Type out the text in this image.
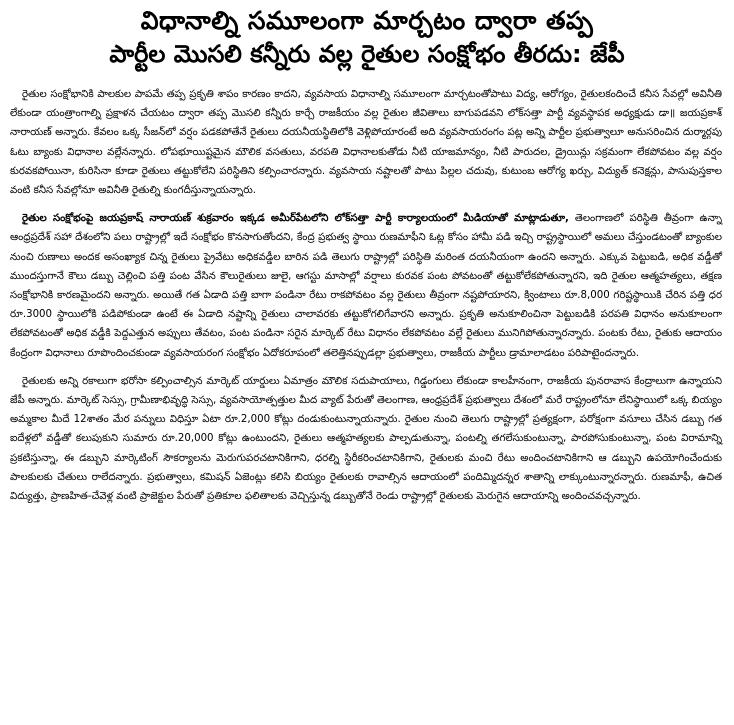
విధానాల్ని సమూలంగా మార్చటం ద్వారా తప్ప
పార్టీల మొసలి కన్నీరు వల్ల రైతుల సంక్షోభం తీరదు: జేపీ

రైతుల సంక్షోభానికి పాలకుల పాపమే తప్ప ప్రకృతి శాపం కారణం కాదని, వ్యవసాయ విధానాల్ని సమూలంగా మార్చటంతోపాటు విద్య, ఆరోగ్యం, రైతులకందించే కనీస సేవల్లో అవినీతి లేకుండా యంత్రాంగాల్ని ప్రక్షాళన చేయటం ద్వారా తప్ప మొసలి కన్నీరు కార్చే రాజకీయం వల్ల రైతుల జీవితాలు బాగుపడవని లోక్‌సత్తా పార్టీ వ్యవస్థాపక అధ్యక్షుడు డా॥ జయప్రకాశ్ నారాయణ్ అన్నారు. కేవలం ఒక్క సీజన్‌లో వర్షం పడకపోతేనే రైతులు దయనీయస్థితిలోకి వెళ్లిపోయారంటే అది వ్యవసాయరంగం పట్ల అన్ని పార్టీల ప్రభుత్వాలూ అనుసరించిన దుర్మార్గపు ఓటు బ్యాంకు విధానాల వల్లేనన్నారు. లోపభూయిష్టమైన మౌలిక వసతులు, వరపతి విధానాలకుతోడు నీటి యాజమాన్యం, నీటి పారుదల, డ్రైయిన్లు సక్రమంగా లేకపోవటం వల్ల వర్షం కురవకపోయినా, కురిసినా కూడా రైతులు తట్టుకోలేని పరిస్థితిని కల్పించారన్నారు. వ్యవసాయ నష్టాలతో పాటు పిల్లల చదువు, కుటుంబ ఆరోగ్య ఖర్చు, విద్యుత్ కనెక్షన్లు, పాసుపుస్తకాల వంటి కనీస సేవల్లోనూ అవినీతి రైతుల్ని కుంగదీస్తున్నాయన్నారు.

రైతుల సంక్షోభంపై జయప్రకాష్ నారాయణ్ శుక్రవారం ఇక్కడ అమీర్‌పేటలోని లోక్‌సత్తా పార్టీ కార్యాలయంలో మీడియాతో మాట్లాడుతూ, తెలంగాణలో పరిస్థితి తీవ్రంగా ఉన్నా ఆంధ్రప్రదేశ్ సహా దేశంలోని పలు రాష్ట్రాల్లో ఇదే సంక్షోభం కొనసాగుతోందని, కేంద్ర ప్రభుత్వ స్థాయి రుణమాఫీని ఓట్ల కోసం హామీ పడి ఇచ్చి రాష్ట్రస్థాయిలో అమలు చేస్తుండటంతో బ్యాంకుల నుంచి రుణాలు అందక అసంఖ్యాక చిన్న రైతులు ప్రైవేటు అధికవడ్డీల బారిన పడి తెలుగు రాష్ట్రాల్లో పరిస్థితి మరింత దయనీయంగా ఉందని అన్నారు. ఎక్కువ పెట్టుబడి, అధిక వడ్డీతో ముందస్తుగానే కౌలు డబ్బు చెల్లించి పత్తి పంట వేసిన కౌలురైతులు జులై, ఆగస్టు మాసాల్లో వర్షాలు కురవక పంట పోవటంతో తట్టుకోలేకపోతున్నారని, ఇది రైతుల ఆత్మహత్యలు, తక్షణ సంక్షోభానికి కారణమైందని అన్నారు. అయితే గత ఏడాది పత్తి బాగా పండినా రేటు రాకపోవటం వల్ల రైతులు తీవ్రంగా నష్టపోయారని, క్వింటాలు రూ.8,000 గరిష్టస్థాయికి చేరిన పత్తి ధర రూ.3000 స్థాయిలోకి పడిపోకుండా ఉంటే ఈ ఏడాది నష్టాన్ని రైతులు చాలావరకు తట్టుకోగలిగేవారని అన్నారు. ప్రకృతి అనుకూలించినా పెట్టుబడికి పరపతి విధానం అనుకూలంగా లేకపోవటంతో అధిక వడ్డీకి పెద్దఎత్తున అప్పులు తేవటం, పంట పండినా సరైన మార్కెట్ రేటు విధానం లేకపోవటం వల్లే రైతులు మునిగిపోతున్నారన్నారు. పంటకు రేటు, రైతుకు ఆదాయం కేంద్రంగా విధానాలు రూపొందించకుండా వ్యవసాయరంగ సంక్షోభం ఏదోకరూపంలో తలెత్తినప్పుడల్లా ప్రభుత్వాలు, రాజకీయ పార్టీలు డ్రామాలాడటం పరిపాటైందన్నారు.

రైతులకు అన్ని రకాలుగా భరోసా కల్పించాల్సిన మార్కెట్ యార్డులు ఏమాత్రం మౌలిక సదుపాయాలు, గిడ్డంగులు లేకుండా కాలహీనంగా, రాజకీయ పునరావాస కేంద్రాలుగా ఉన్నాయని జేపీ అన్నారు. మార్కెట్ సెస్సు, గ్రామీణాభివృద్ధి సెస్సు, వ్యవసాయోత్పత్తుల మీద వ్యాట్ పేరుతో తెలంగాణ, ఆంధ్రప్రదేశ్ ప్రభుత్వాలు దేశంలో మరే రాష్ట్రంలోనూ లేనిస్థాయిలో ఒక్క బియ్యం అమ్మకాల మీదే 12శాతం మేర పన్నులు విధిస్తూ ఏటా రూ.2,000 కోట్లు దండుకుంటున్నాయన్నారు. రైతుల నుంచి తెలుగు రాష్ట్రాల్లో ప్రత్యక్షంగా, పరోక్షంగా వసూలు చేసిన డబ్బు గత ఐదేళ్లలో వడ్డీతో కలుపుకుని సుమారు రూ.20,000 కోట్లు ఉంటుందని, రైతులు ఆత్మహత్యలకు పాల్పడుతున్నా, పంటల్ని తగలేసుకుంటున్నా, పారపోసుకుంటున్నా, పంట విరామాన్ని ప్రకటిస్తున్నా, ఈ డబ్బుని మార్కెటింగ్ సౌకర్యాలను మెరుగుపరచటానికిగాని, ధరల్ని స్థిరీకరించటానికిగాని, రైతులకు మంచి రేటు అందించటానికిగాని ఆ డబ్బుని ఉపయోగించేందుకు పాలకులకు చేతులు రాలేదన్నారు. ప్రభుత్వాలు, కమిషన్ ఏజెంట్లు కలిసి బియ్యం రైతులకు రావాల్సిన ఆదాయంలో పందిమ్మిదన్నర శాతాన్ని లాక్కుంటున్నారన్నారు. రుణమాఫీ, ఉచిత విద్యుత్తు, ప్రాణహిత-చేవెళ్ల వంటి ప్రాజెక్టుల పేరుతో ప్రతికూల ఫలితాలకు వెచ్చిస్తున్న డబ్బుతోనే రెండు రాష్ట్రాల్లో రైతులకు మెరుగైన ఆదాయాన్ని అందించవచ్చన్నారు.
